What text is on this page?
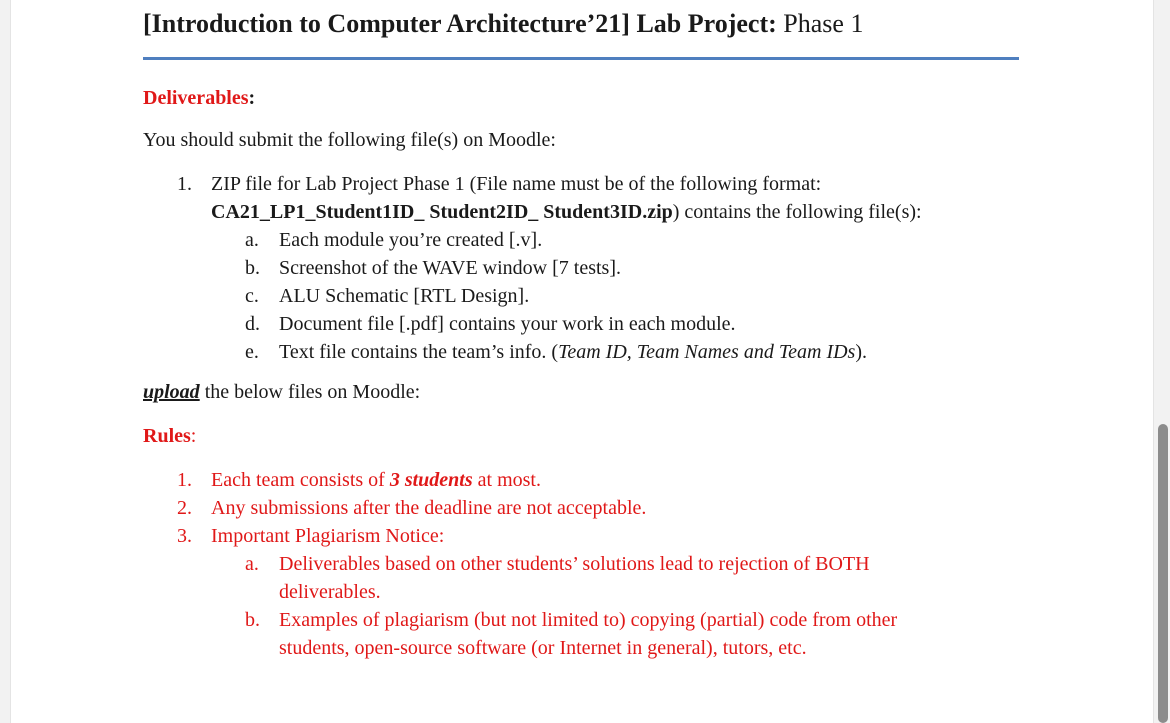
[Introduction to Computer Architecture’21] Lab Project: Phase 1
Deliverables:
You should submit the following file(s) on Moodle:
1. ZIP file for Lab Project Phase 1 (File name must be of the following format:
CA21_LP1_Student1ID_ Student2ID_ Student3ID.zip) contains the following file(s):
a.	Each module you’re created [.v].
b. Screenshot of the WAVE window [7 tests].
c.	ALU Schematic [RTL Design].
d. Document file [.pdf] contains your work in each module.
e.	Text file contains the team’s info. (Team ID, Team Names and Team IDs).
upload the below files on Moodle:
Rules:
1. Each team consists of 3 students at most.
2. Any submissions after the deadline are not acceptable.
3. Important Plagiarism Notice:
a.	Deliverables based on other students’ solutions lead to rejection of BOTH
deliverables.
b. Examples of plagiarism (but not limited to) copying (partial) code from other
students, open-source software (or Internet in general), tutors, etc.
